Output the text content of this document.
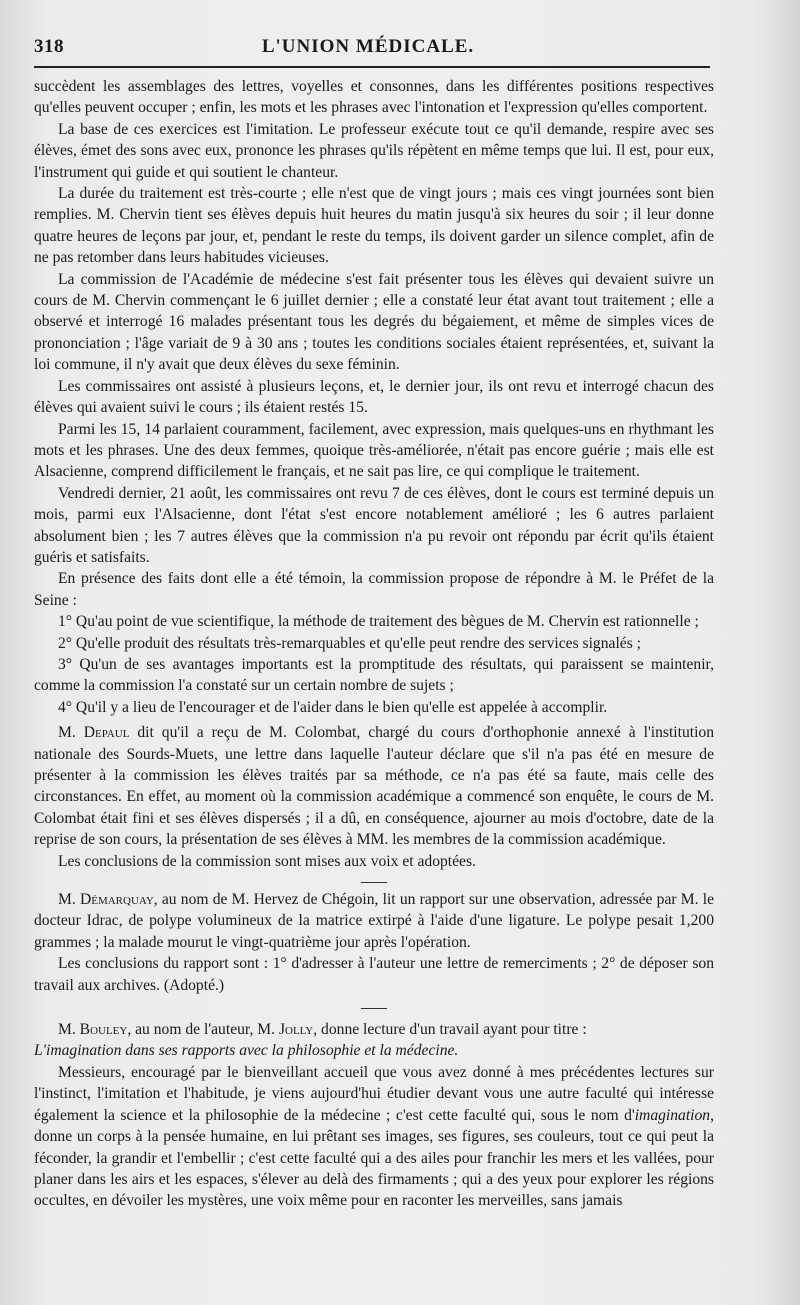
318	L'UNION MÉDICALE.

succèdent les assemblages des lettres, voyelles et consonnes, dans les différentes positions respectives qu'elles peuvent occuper ; enfin, les mots et les phrases avec l'intonation et l'expression qu'elles comportent.

La base de ces exercices est l'imitation. Le professeur exécute tout ce qu'il demande, respire avec ses élèves, émet des sons avec eux, prononce les phrases qu'ils répètent en même temps que lui. Il est, pour eux, l'instrument qui guide et qui soutient le chanteur.

La durée du traitement est très-courte ; elle n'est que de vingt jours ; mais ces vingt journées sont bien remplies. M. Chervin tient ses élèves depuis huit heures du matin jusqu'à six heures du soir ; il leur donne quatre heures de leçons par jour, et, pendant le reste du temps, ils doivent garder un silence complet, afin de ne pas retomber dans leurs habitudes vicieuses.

La commission de l'Académie de médecine s'est fait présenter tous les élèves qui devaient suivre un cours de M. Chervin commençant le 6 juillet dernier ; elle a constaté leur état avant tout traitement ; elle a observé et interrogé 16 malades présentant tous les degrés du bégaiement, et même de simples vices de prononciation ; l'âge variait de 9 à 30 ans ; toutes les conditions sociales étaient représentées, et, suivant la loi commune, il n'y avait que deux élèves du sexe féminin.

Les commissaires ont assisté à plusieurs leçons, et, le dernier jour, ils ont revu et interrogé chacun des élèves qui avaient suivi le cours ; ils étaient restés 15.

Parmi les 15, 14 parlaient couramment, facilement, avec expression, mais quelques-uns en rhythmant les mots et les phrases. Une des deux femmes, quoique très-améliorée, n'était pas encore guérie ; mais elle est Alsacienne, comprend difficilement le français, et ne sait pas lire, ce qui complique le traitement.

Vendredi dernier, 21 août, les commissaires ont revu 7 de ces élèves, dont le cours est terminé depuis un mois, parmi eux l'Alsacienne, dont l'état s'est encore notablement amélioré ; les 6 autres parlaient absolument bien ; les 7 autres élèves que la commission n'a pu revoir ont répondu par écrit qu'ils étaient guéris et satisfaits.

En présence des faits dont elle a été témoin, la commission propose de répondre à M. le Préfet de la Seine :

1° Qu'au point de vue scientifique, la méthode de traitement des bègues de M. Chervin est rationnelle ;

2° Qu'elle produit des résultats très-remarquables et qu'elle peut rendre des services signalés ;

3° Qu'un de ses avantages importants est la promptitude des résultats, qui paraissent se maintenir, comme la commission l'a constaté sur un certain nombre de sujets ;

4° Qu'il y a lieu de l'encourager et de l'aider dans le bien qu'elle est appelée à accomplir.

M. Depaul dit qu'il a reçu de M. Colombat, chargé du cours d'orthophonie annexé à l'institution nationale des Sourds-Muets, une lettre dans laquelle l'auteur déclare que s'il n'a pas été en mesure de présenter à la commission les élèves traités par sa méthode, ce n'a pas été sa faute, mais celle des circonstances. En effet, au moment où la commission académique a commencé son enquête, le cours de M. Colombat était fini et ses élèves dispersés ; il a dû, en conséquence, ajourner au mois d'octobre, date de la reprise de son cours, la présentation de ses élèves à MM. les membres de la commission académique.

Les conclusions de la commission sont mises aux voix et adoptées.

M. Démarquay, au nom de M. Hervez de Chégoin, lit un rapport sur une observation, adressée par M. le docteur Idrac, de polype volumineux de la matrice extirpé à l'aide d'une ligature. Le polype pesait 1,200 grammes ; la malade mourut le vingt-quatrième jour après l'opération.

Les conclusions du rapport sont : 1° d'adresser à l'auteur une lettre de remerciments ; 2° de déposer son travail aux archives. (Adopté.)

M. Bouley, au nom de l'auteur, M. Jolly, donne lecture d'un travail ayant pour titre :

L'imagination dans ses rapports avec la philosophie et la médecine.

Messieurs, encouragé par le bienveillant accueil que vous avez donné à mes précédentes lectures sur l'instinct, l'imitation et l'habitude, je viens aujourd'hui étudier devant vous une autre faculté qui intéresse également la science et la philosophie de la médecine ; c'est cette faculté qui, sous le nom d'imagination, donne un corps à la pensée humaine, en lui prêtant ses images, ses figures, ses couleurs, tout ce qui peut la féconder, la grandir et l'embellir ; c'est cette faculté qui a des ailes pour franchir les mers et les vallées, pour planer dans les airs et les espaces, s'élever au delà des firmaments ; qui a des yeux pour explorer les régions occultes, en dévoiler les mystères, une voix même pour en raconter les merveilles, sans jamais
